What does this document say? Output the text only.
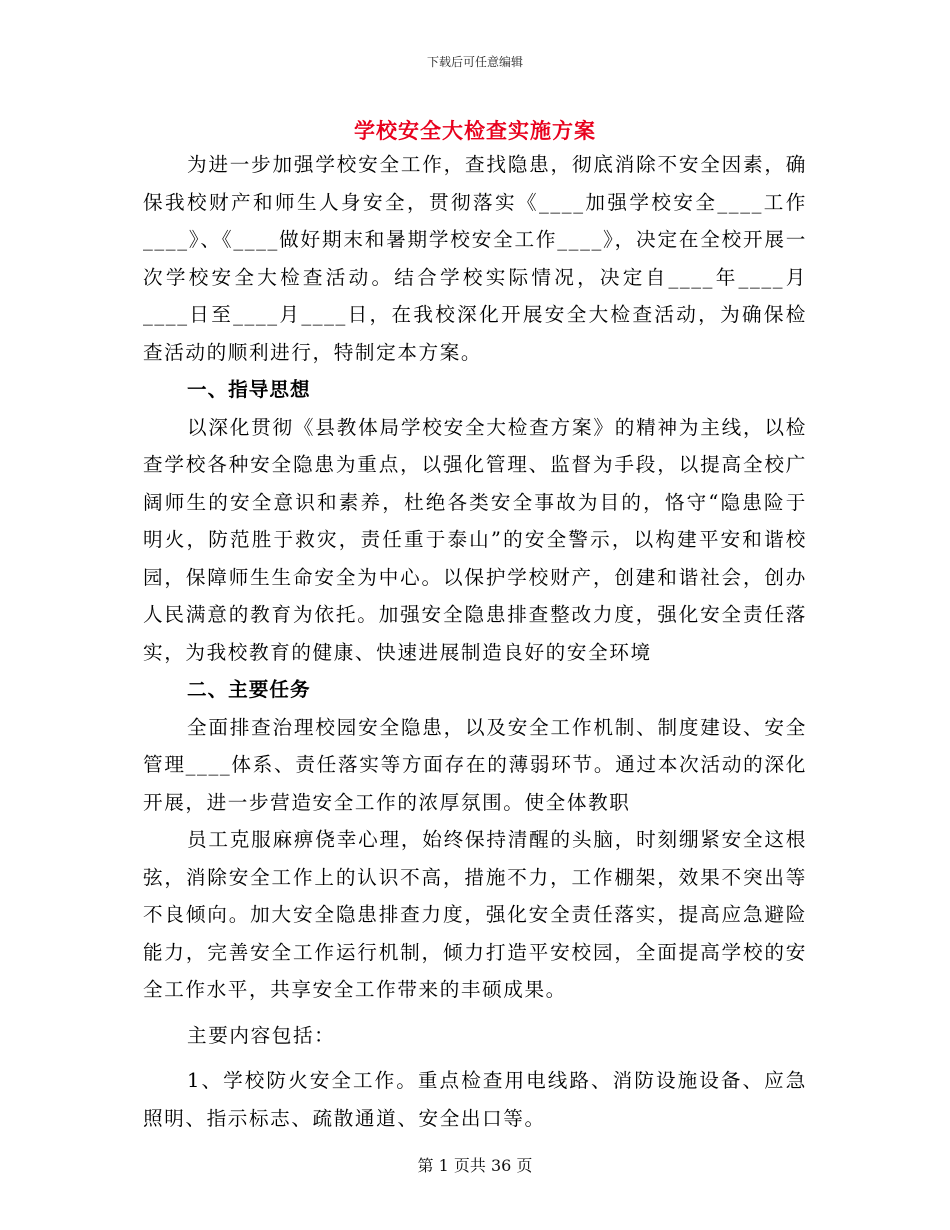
下载后可任意编辑
学校安全大检查实施方案

为进一步加强学校安全工作，查找隐患，彻底消除不安全因素，确保我校财产和师生人身安全，贯彻落实《____加强学校安全____工作____》、《____做好期末和暑期学校安全工作____》，决定在全校开展一次学校安全大检查活动。结合学校实际情况，决定自____年____月____日至____月____日，在我校深化开展安全大检查活动，为确保检查活动的顺利进行，特制定本方案。

一、指导思想

以深化贯彻《县教体局学校安全大检查方案》的精神为主线，以检查学校各种安全隐患为重点，以强化管理、监督为手段，以提高全校广阔师生的安全意识和素养，杜绝各类安全事故为目的，恪守“隐患险于明火，防范胜于救灾，责任重于泰山”的安全警示，以构建平安和谐校园，保障师生生命安全为中心。以保护学校财产，创建和谐社会，创办人民满意的教育为依托。加强安全隐患排查整改力度，强化安全责任落实，为我校教育的健康、快速进展制造良好的安全环境

二、主要任务

全面排查治理校园安全隐患，以及安全工作机制、制度建设、安全管理____体系、责任落实等方面存在的薄弱环节。通过本次活动的深化开展，进一步营造安全工作的浓厚氛围。使全体教职

员工克服麻痹侥幸心理，始终保持清醒的头脑，时刻绷紧安全这根弦，消除安全工作上的认识不高，措施不力，工作棚架，效果不突出等不良倾向。加大安全隐患排查力度，强化安全责任落实，提高应急避险能力，完善安全工作运行机制，倾力打造平安校园，全面提高学校的安全工作水平，共享安全工作带来的丰硕成果。

主要内容包括：

1、学校防火安全工作。重点检查用电线路、消防设施设备、应急照明、指示标志、疏散通道、安全出口等。

第 1 页共 36 页
